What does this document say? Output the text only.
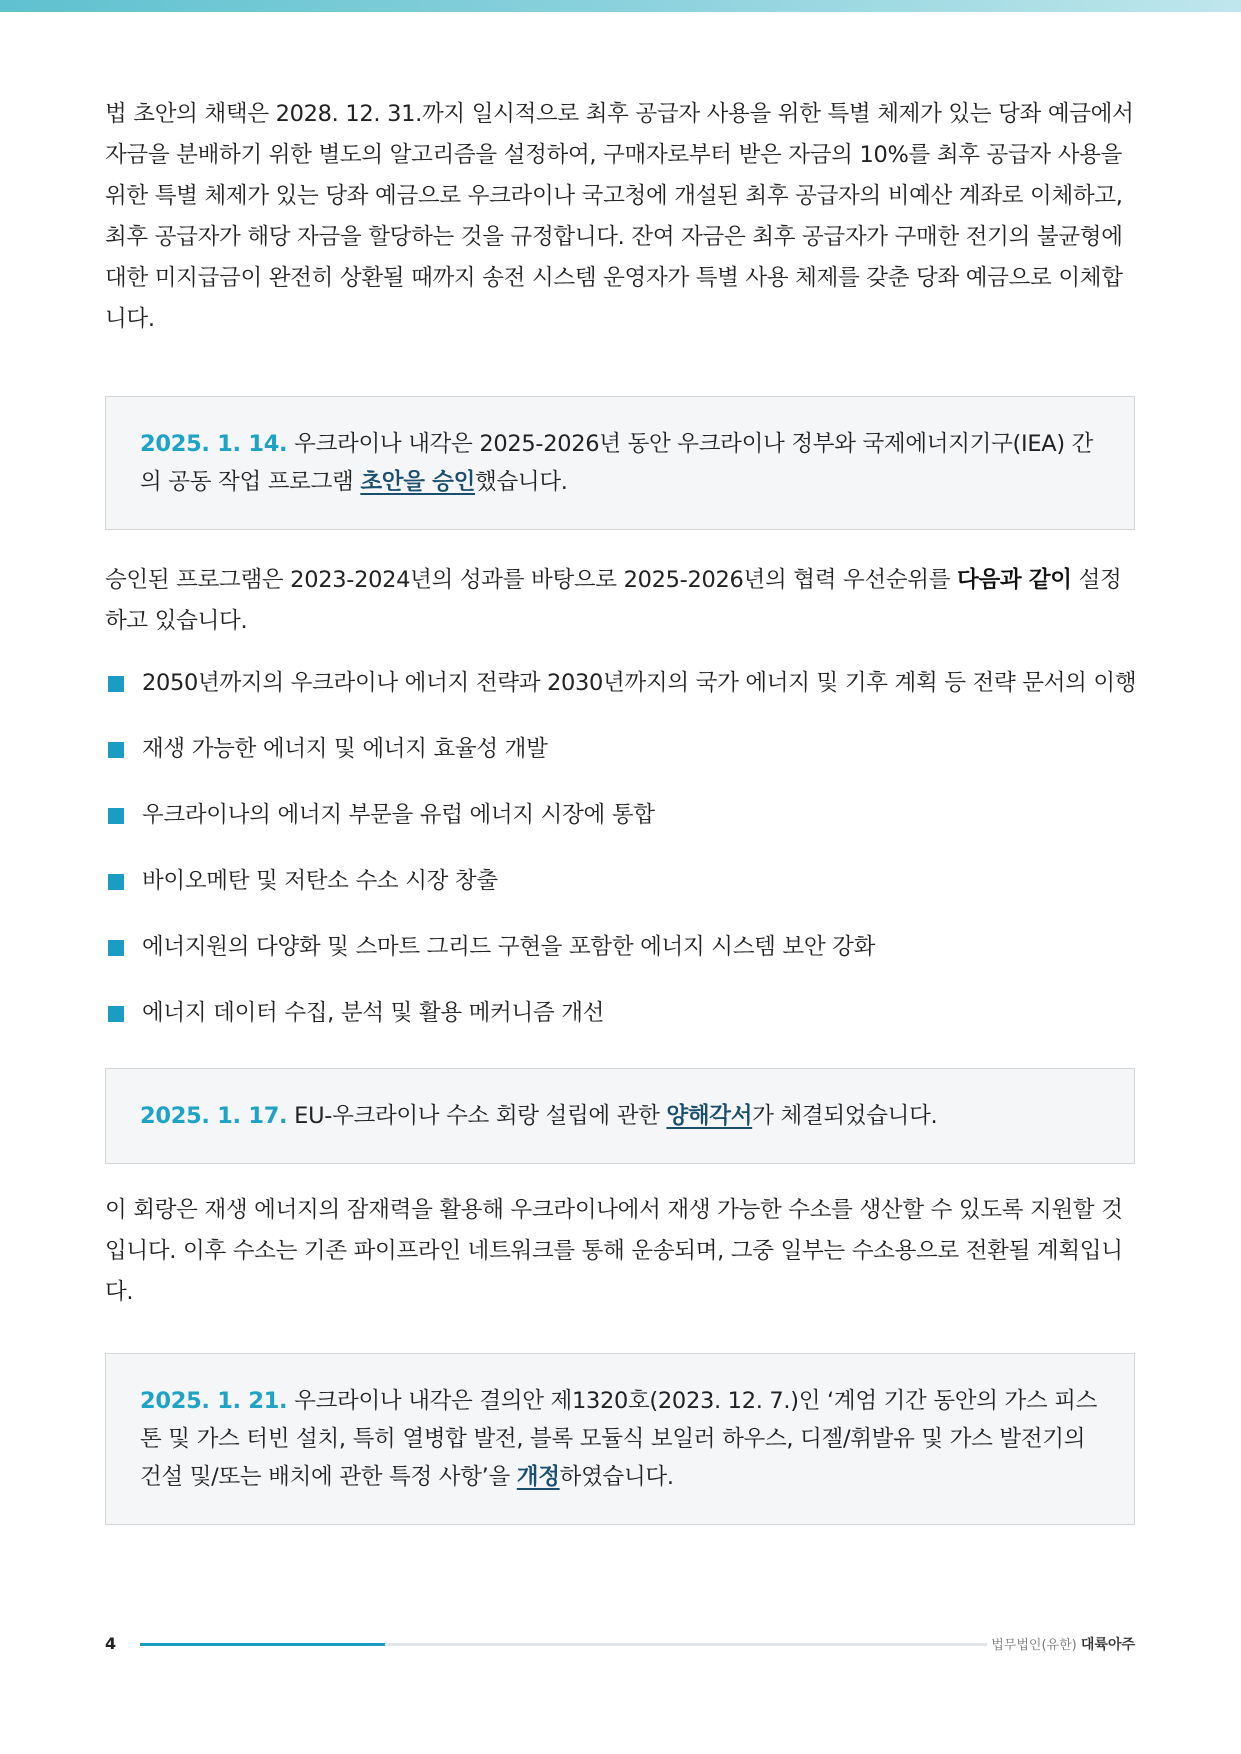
법 초안의 채택은 2028. 12. 31.까지 일시적으로 최후 공급자 사용을 위한 특별 체제가 있는 당좌 예금에서 자금을 분배하기 위한 별도의 알고리즘을 설정하여, 구매자로부터 받은 자금의 10%를 최후 공급자 사용을 위한 특별 체제가 있는 당좌 예금으로 우크라이나 국고청에 개설된 최후 공급자의 비예산 계좌로 이체하고, 최후 공급자가 해당 자금을 할당하는 것을 규정합니다. 잔여 자금은 최후 공급자가 구매한 전기의 불균형에 대한 미지급금이 완전히 상환될 때까지 송전 시스템 운영자가 특별 사용 체제를 갖춘 당좌 예금으로 이체합니다.

2025. 1. 14. 우크라이나 내각은 2025-2026년 동안 우크라이나 정부와 국제에너지기구(IEA) 간의 공동 작업 프로그램 초안을 승인했습니다.

승인된 프로그램은 2023-2024년의 성과를 바탕으로 2025-2026년의 협력 우선순위를 다음과 같이 설정하고 있습니다.

2050년까지의 우크라이나 에너지 전략과 2030년까지의 국가 에너지 및 기후 계획 등 전략 문서의 이행
재생 가능한 에너지 및 에너지 효율성 개발
우크라이나의 에너지 부문을 유럽 에너지 시장에 통합
바이오메탄 및 저탄소 수소 시장 창출
에너지원의 다양화 및 스마트 그리드 구현을 포함한 에너지 시스템 보안 강화
에너지 데이터 수집, 분석 및 활용 메커니즘 개선
2025. 1. 17. EU-우크라이나 수소 회랑 설립에 관한 양해각서가 체결되었습니다.

이 회랑은 재생 에너지의 잠재력을 활용해 우크라이나에서 재생 가능한 수소를 생산할 수 있도록 지원할 것입니다. 이후 수소는 기존 파이프라인 네트워크를 통해 운송되며, 그중 일부는 수소용으로 전환될 계획입니다.

2025. 1. 21. 우크라이나 내각은 결의안 제1320호(2023. 12. 7.)인 ‘계엄 기간 동안의 가스 피스톤 및 가스 터빈 설치, 특히 열병합 발전, 블록 모듈식 보일러 하우스, 디젤/휘발유 및 가스 발전기의 건설 및/또는 배치에 관한 특정 사항’을 개정하였습니다.
4	법무법인(유한) 대륙아주
